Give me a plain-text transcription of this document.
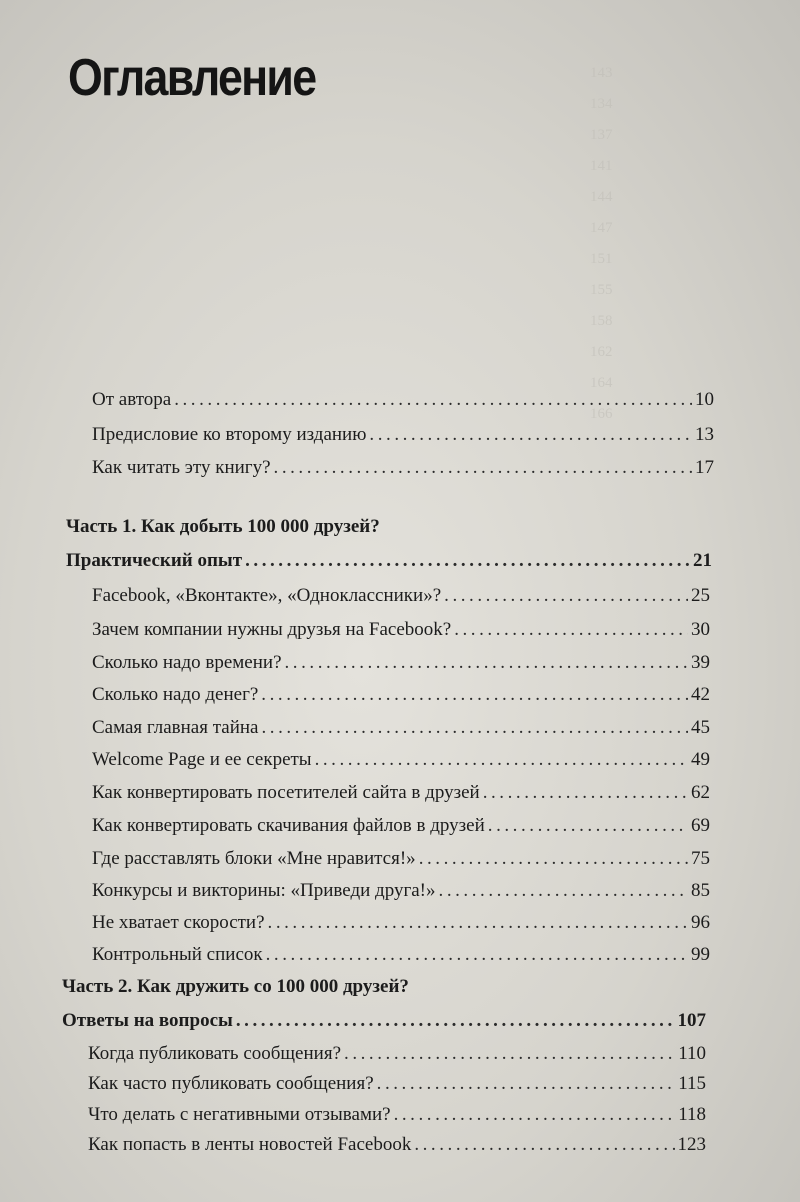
143
134
137
141
144
147
151
155
158
162
164
166
Оглавление
От автора . . .	10
Предисловие ко второму изданию . . .	13
Как читать эту книгу? . . .	17
Часть 1. Как добыть 100 000 друзей?
Практический опыт . . .	21
Facebook, «Вконтакте», «Одноклассники»? . . .	25
Зачем компании нужны друзья на Facebook? . . .	30
Сколько надо времени? . . .	39
Сколько надо денег? . . .	42
Самая главная тайна . . .	45
Welcome Page и ее секреты . . .	49
Как конвертировать посетителей сайта в друзей . . .	62
Как конвертировать скачивания файлов в друзей . . .	69
Где расставлять блоки «Мне нравится!» . . .	75
Конкурсы и викторины: «Приведи друга!» . . .	85
Не хватает скорости? . . .	96
Контрольный список . . .	99
Часть 2. Как дружить со 100 000 друзей?
Ответы на вопросы . . .	107
Когда публиковать сообщения? . . .	110
Как часто публиковать сообщения? . . .	115
Что делать с негативными отзывами? . . .	118
Как попасть в ленты новостей Facebook . . .	123
